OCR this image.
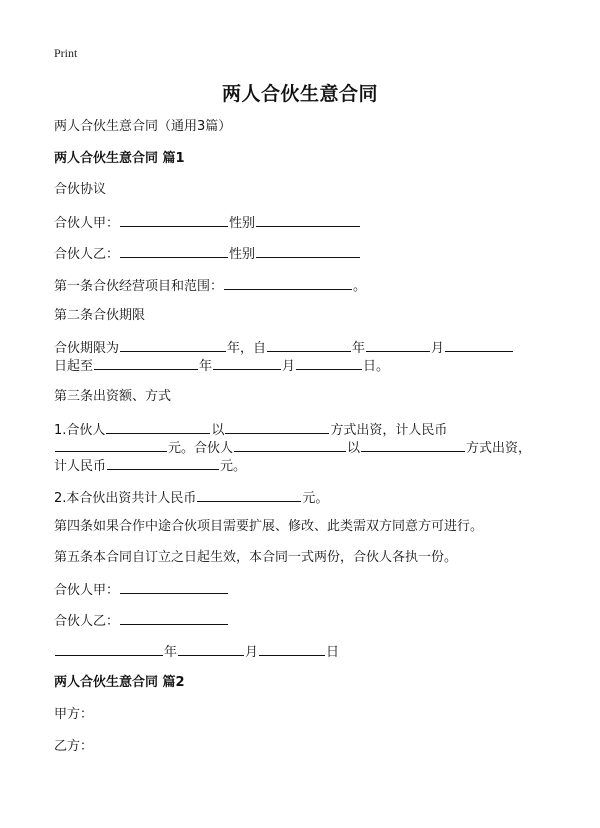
Print
两人合伙生意合同
两人合伙生意合同（通用3篇）
两人合伙生意合同 篇1
合伙协议
合伙人甲：	性别
合伙人乙：	性别
第一条合伙经营项目和范围：	。
第二条合伙期限
合伙期限为	年，自	年	月
日起至	年	月	日。
第三条出资额、方式
1.合伙人	以	方式出资，计人民币
元。合伙人	以	方式出资，
计人民币	元。
2.本合伙出资共计人民币	元。
第四条如果合作中途合伙项目需要扩展、修改、此类需双方同意方可进行。
第五条本合同自订立之日起生效，本合同一式两份，合伙人各执一份。
合伙人甲：
合伙人乙：
年	月	日
两人合伙生意合同 篇2
甲方：
乙方：
